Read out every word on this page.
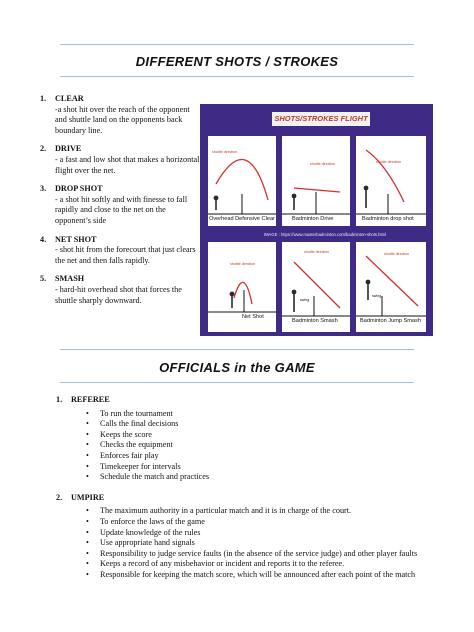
DIFFERENT SHOTS / STROKES
1.	CLEAR
-a shot hit over the reach of the opponent and shuttle land on the opponents back boundary line.
2.	DRIVE
- a fast and low shot that makes a horizontal flight over the net.
3.	DROP SHOT
- a shot hit softly and with finesse to fall rapidly and close to the net on the opponent’s side
4.	NET SHOT
- shot hit from the forecourt that just clears the net and then falls rapidly.
5.	SMASH
- hard-hit overhead shot that forces the shuttle sharply downward.
SHOTS/STROKES FLIGHT
shuttle direction
Overhead Defensive Clear
shuttle direction
Badminton Drive
shuttle direction
Badminton drop shot
IMAGE : https://www.masterbadminton.com/badminton-shots.html
shuttle direction
Net Shot
shuttle direction
swing
Badminton Smash
shuttle direction
swing
Badminton Jump Smash
OFFICIALS in the GAME
1.	REFEREE
• To run the tournament
• Calls the final decisions
• Keeps the score
• Checks the equipment
• Enforces fair play
• Timekeeper for intervals
• Schedule the match and practices
2.	UMPIRE
• The maximum authority in a particular match and it is in charge of the court.
• To enforce the laws of the game
• Update knowledge of the rules
• Use appropriate hand signals
• Responsibility to judge service faults (in the absence of the service judge) and other player faults
• Keeps a record of any misbehavior or incident and reports it to the referee.
• Responsible for keeping the match score, which will be announced after each point of the match
